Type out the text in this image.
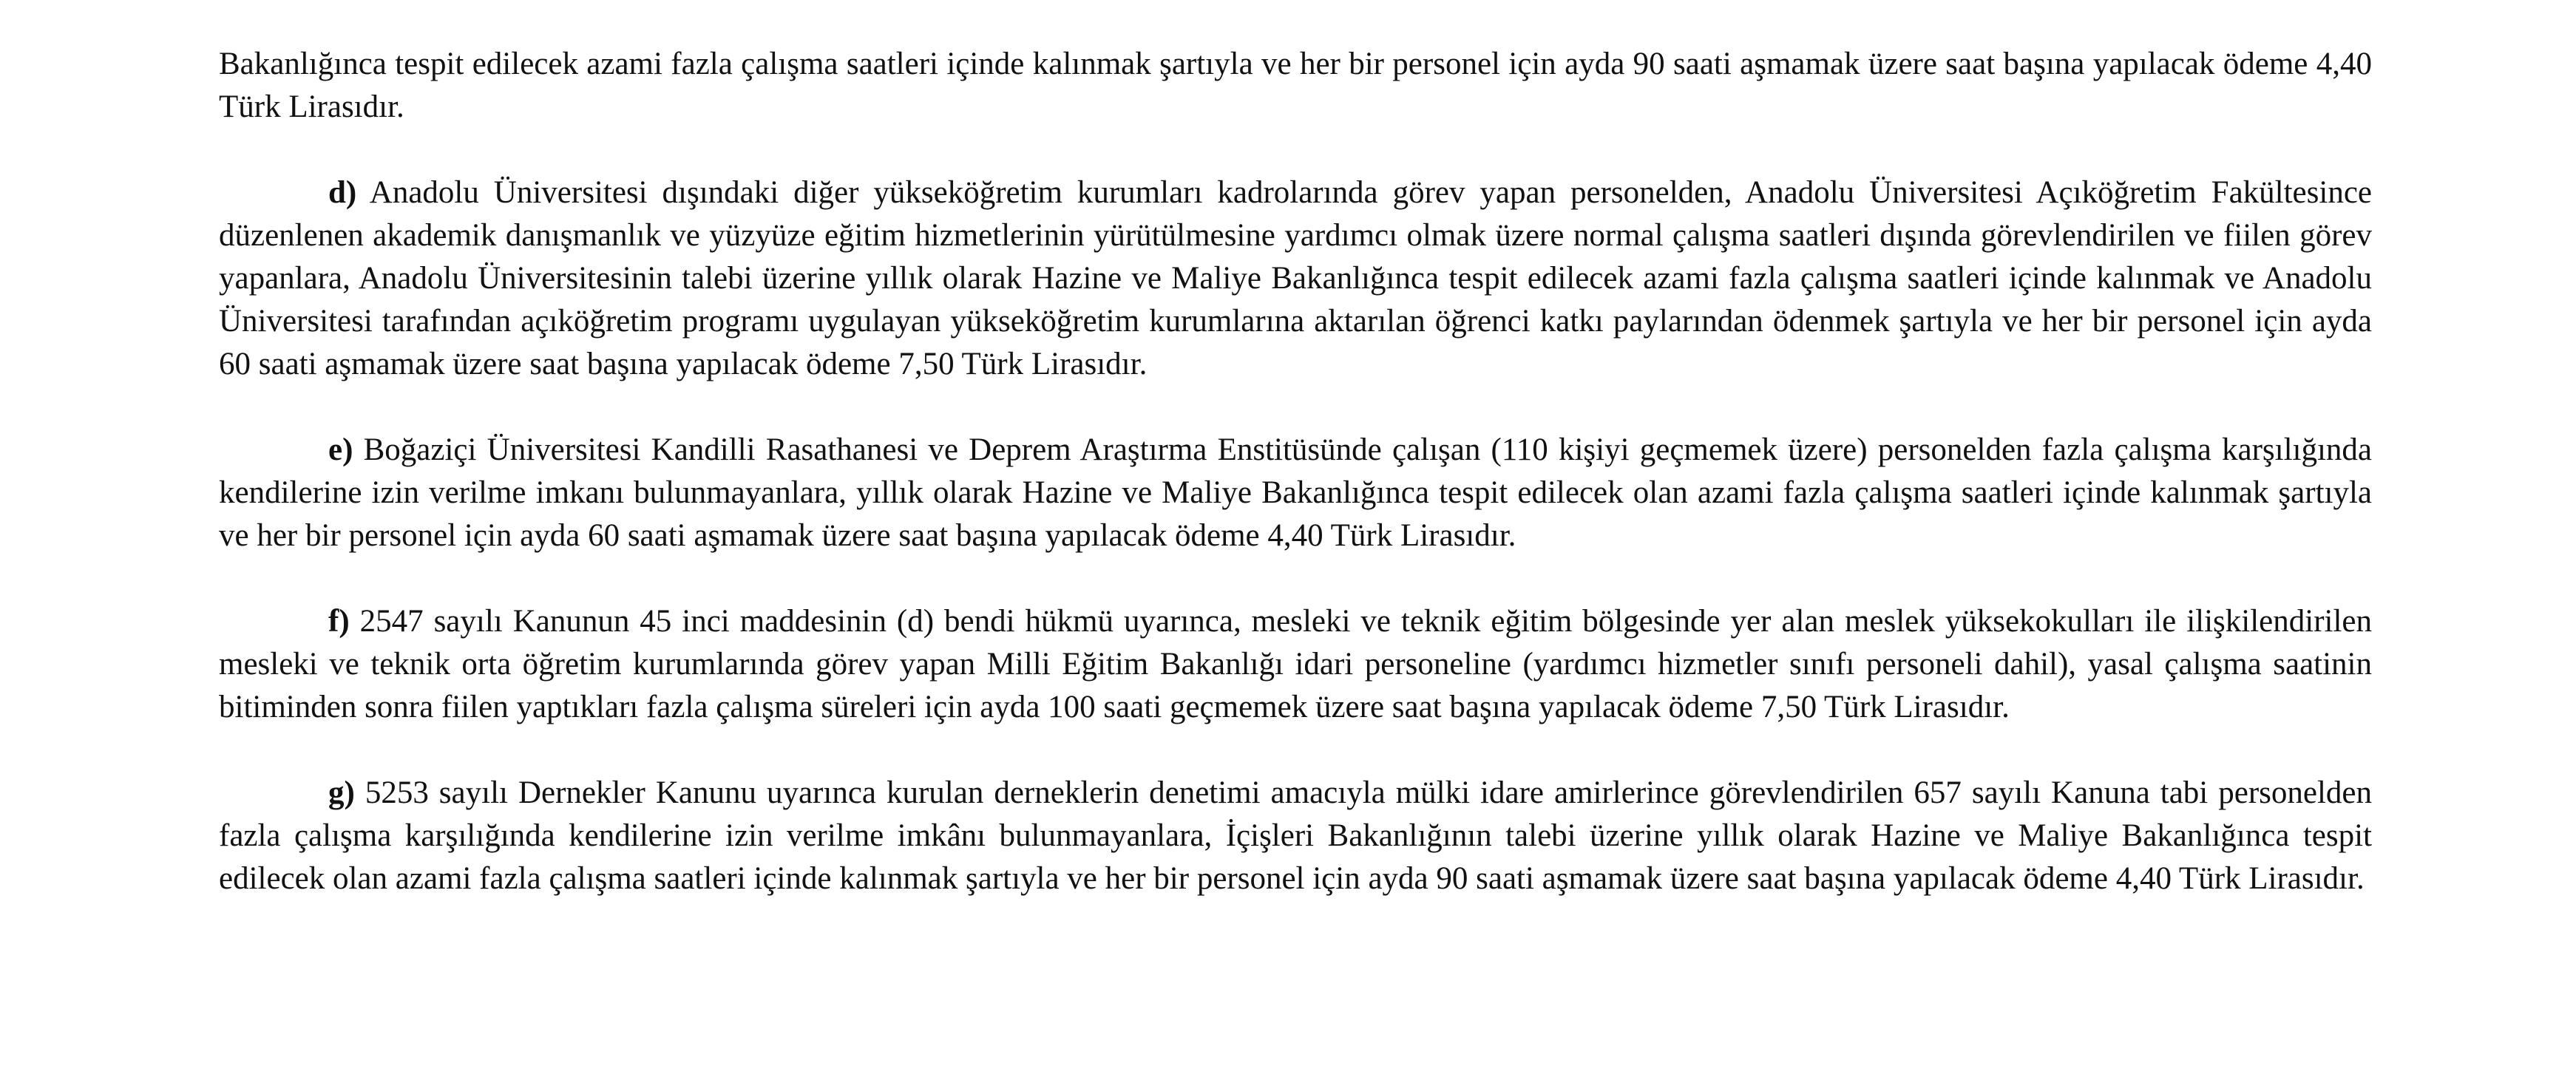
Bakanlığınca tespit edilecek azami fazla çalışma saatleri içinde kalınmak şartıyla ve her bir personel için ayda 90 saati aşmamak üzere saat başına yapılacak ödeme 4,40 Türk Lirasıdır.

d) Anadolu Üniversitesi dışındaki diğer yükseköğretim kurumları kadrolarında görev yapan personelden, Anadolu Üniversitesi Açıköğretim Fakültesince düzenlenen akademik danışmanlık ve yüzyüze eğitim hizmetlerinin yürütülmesine yardımcı olmak üzere normal çalışma saatleri dışında görevlendirilen ve fiilen görev yapanlara, Anadolu Üniversitesinin talebi üzerine yıllık olarak Hazine ve Maliye Bakanlığınca tespit edilecek azami fazla çalışma saatleri içinde kalınmak ve Anadolu Üniversitesi tarafından açıköğretim programı uygulayan yükseköğretim kurumlarına aktarılan öğrenci katkı paylarından ödenmek şartıyla ve her bir personel için ayda 60 saati aşmamak üzere saat başına yapılacak ödeme 7,50 Türk Lirasıdır.

e) Boğaziçi Üniversitesi Kandilli Rasathanesi ve Deprem Araştırma Enstitüsünde çalışan (110 kişiyi geçmemek üzere) personelden fazla çalışma karşılığında kendilerine izin verilme imkanı bulunmayanlara, yıllık olarak Hazine ve Maliye Bakanlığınca tespit edilecek olan azami fazla çalışma saatleri içinde kalınmak şartıyla ve her bir personel için ayda 60 saati aşmamak üzere saat başına yapılacak ödeme 4,40 Türk Lirasıdır.

f) 2547 sayılı Kanunun 45 inci maddesinin (d) bendi hükmü uyarınca, mesleki ve teknik eğitim bölgesinde yer alan meslek yüksekokulları ile ilişkilendirilen mesleki ve teknik orta öğretim kurumlarında görev yapan Milli Eğitim Bakanlığı idari personeline (yardımcı hizmetler sınıfı personeli dahil), yasal çalışma saatinin bitiminden sonra fiilen yaptıkları fazla çalışma süreleri için ayda 100 saati geçmemek üzere saat başına yapılacak ödeme 7,50 Türk Lirasıdır.

g) 5253 sayılı Dernekler Kanunu uyarınca kurulan derneklerin denetimi amacıyla mülki idare amirlerince görevlendirilen 657 sayılı Kanuna tabi personelden fazla çalışma karşılığında kendilerine izin verilme imkânı bulunmayanlara, İçişleri Bakanlığının talebi üzerine yıllık olarak Hazine ve Maliye Bakanlığınca tespit edilecek olan azami fazla çalışma saatleri içinde kalınmak şartıyla ve her bir personel için ayda 90 saati aşmamak üzere saat başına yapılacak ödeme 4,40 Türk Lirasıdır.
